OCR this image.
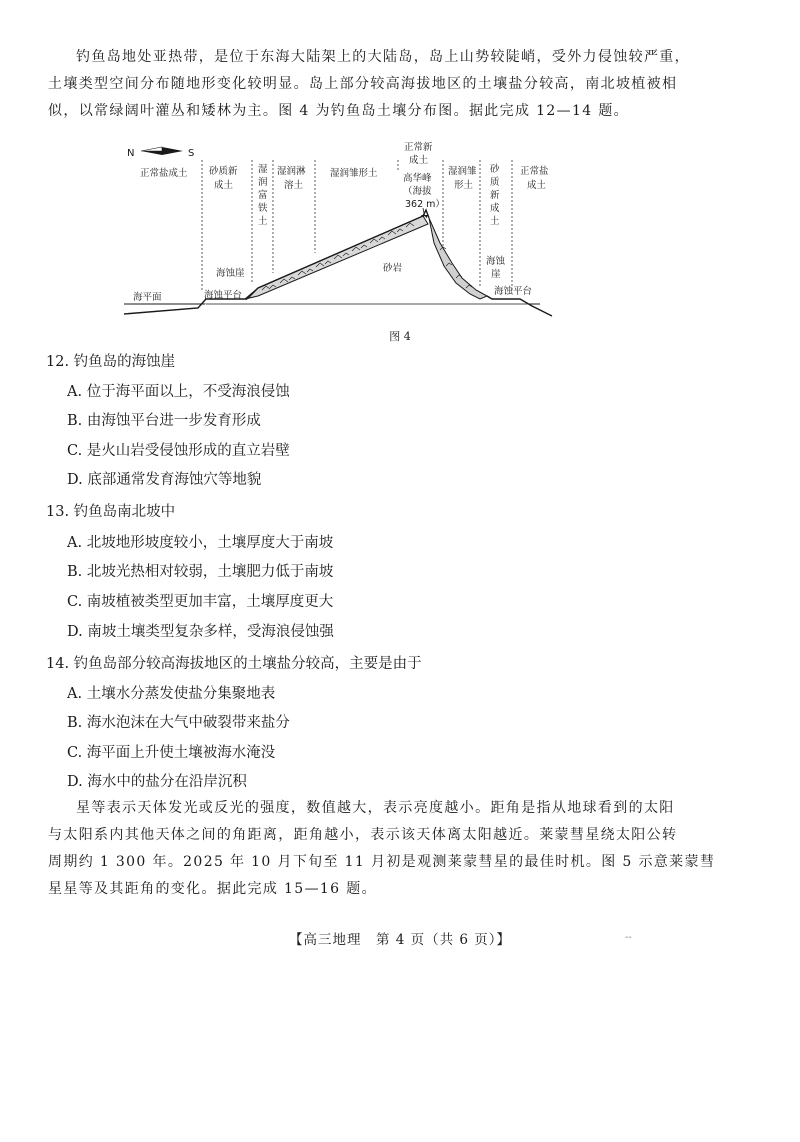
钓鱼岛地处亚热带，是位于东海大陆架上的大陆岛，岛上山势较陡峭，受外力侵蚀较严重，
土壤类型空间分布随地形变化较明显。岛上部分较高海拔地区的土壤盐分较高，南北坡植被相
似，以常绿阔叶灌丛和矮林为主。图 4 为钓鱼岛土壤分布图。据此完成 12—14 题。
N	S
正常盐成土 砂质新成土
湿润富铁土
湿润淋溶土
湿润雏形土
正常新成土
高华峰（海拔 362 m）
湿润雏形土
砂质新成土
正常盐成土
海平面
海蚀崖
海蚀平台
砂岩
海蚀崖
海蚀平台
图 4
12. 钓鱼岛的海蚀崖
A. 位于海平面以上，不受海浪侵蚀
B. 由海蚀平台进一步发育形成
C. 是火山岩受侵蚀形成的直立岩壁
D. 底部通常发育海蚀穴等地貌
13. 钓鱼岛南北坡中
A. 北坡地形坡度较小，土壤厚度大于南坡
B. 北坡光热相对较弱，土壤肥力低于南坡
C. 南坡植被类型更加丰富，土壤厚度更大
D. 南坡土壤类型复杂多样，受海浪侵蚀强
14. 钓鱼岛部分较高海拔地区的土壤盐分较高，主要是由于
A. 土壤水分蒸发使盐分集聚地表
B. 海水泡沫在大气中破裂带来盐分
C. 海平面上升使土壤被海水淹没
D. 海水中的盐分在沿岸沉积
星等表示天体发光或反光的强度，数值越大，表示亮度越小。距角是指从地球看到的太阳
与太阳系内其他天体之间的角距离，距角越小，表示该天体离太阳越近。莱蒙彗星绕太阳公转
周期约 1 300 年。2025 年 10 月下旬至 11 月初是观测莱蒙彗星的最佳时机。图 5 示意莱蒙彗
星星等及其距角的变化。据此完成 15—16 题。
【高三地理　第 4 页（共 6 页）】	--
